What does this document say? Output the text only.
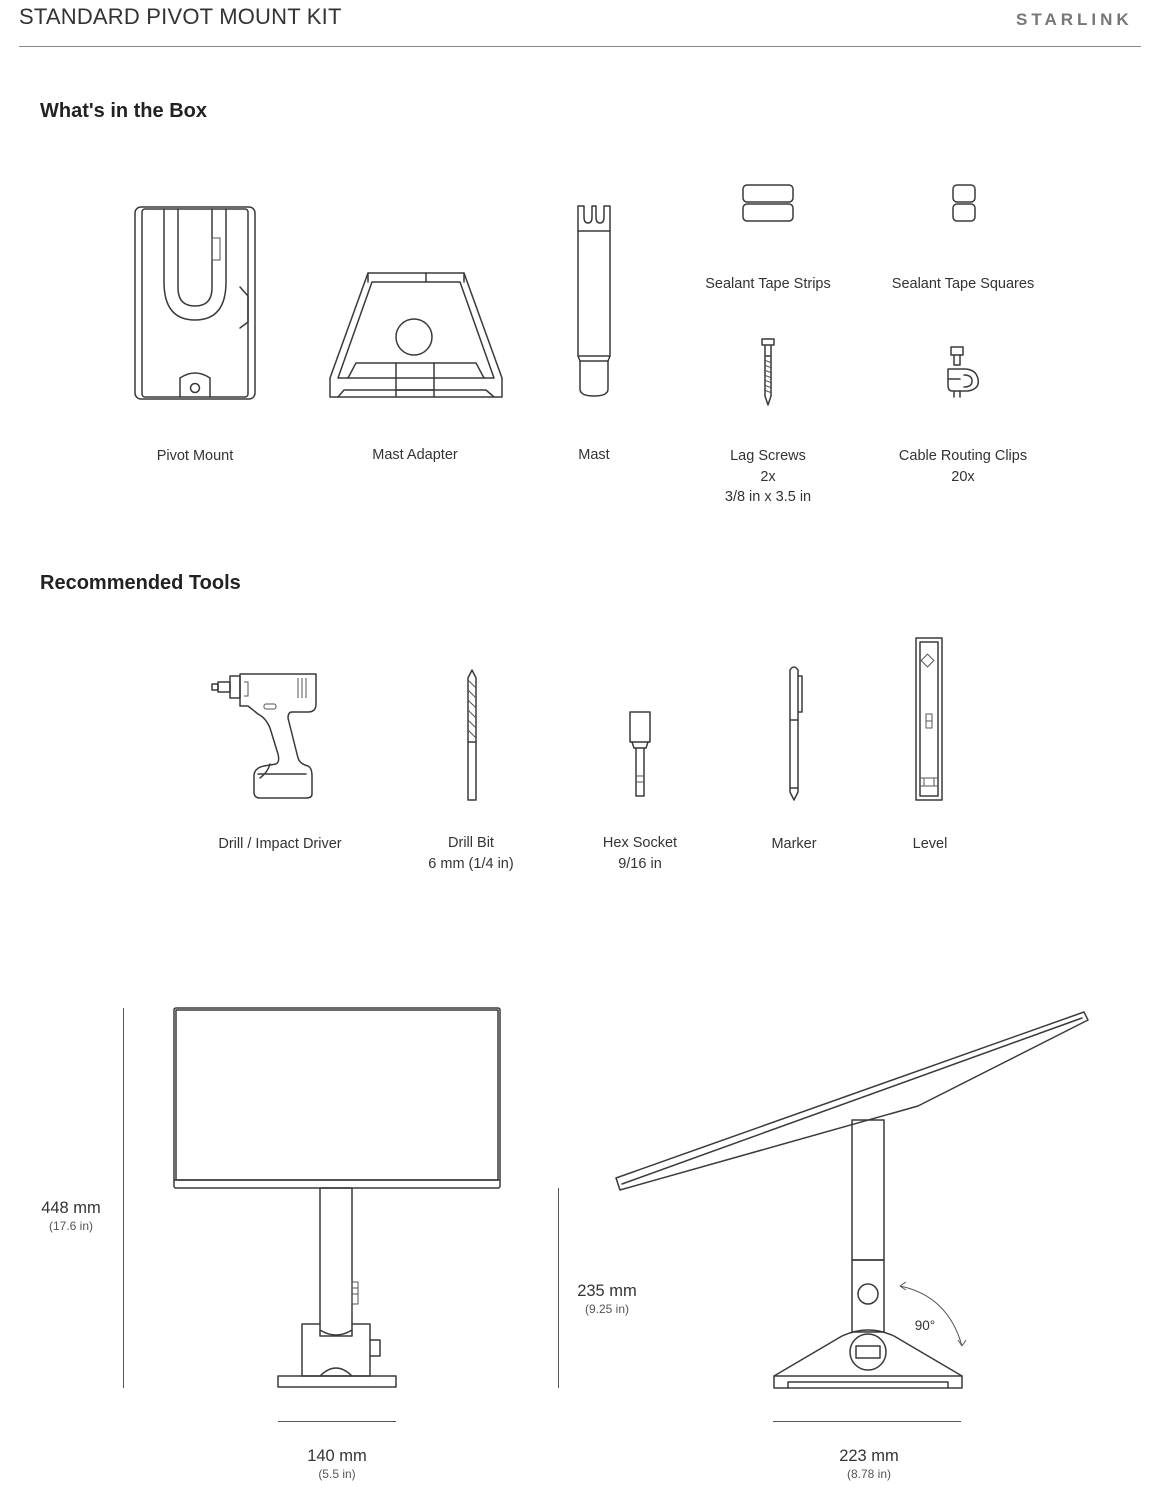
STANDARD PIVOT MOUNT KIT	STARLINK
What's in the Box
Sealant Tape Strips	Sealant Tape Squares
Pivot Mount	Mast Adapter	Mast	Lag Screws
2x
3/8 in x 3.5 in
Cable Routing Clips
20x
Recommended Tools
Drill / Impact Driver	Drill Bit
6 mm (1/4 in)
Hex Socket
9/16 in
Marker	Level
448 mm
(17.6 in)
140 mm
(5.5 in)
235 mm
(9.25 in)
90°
223 mm
(8.78 in)
